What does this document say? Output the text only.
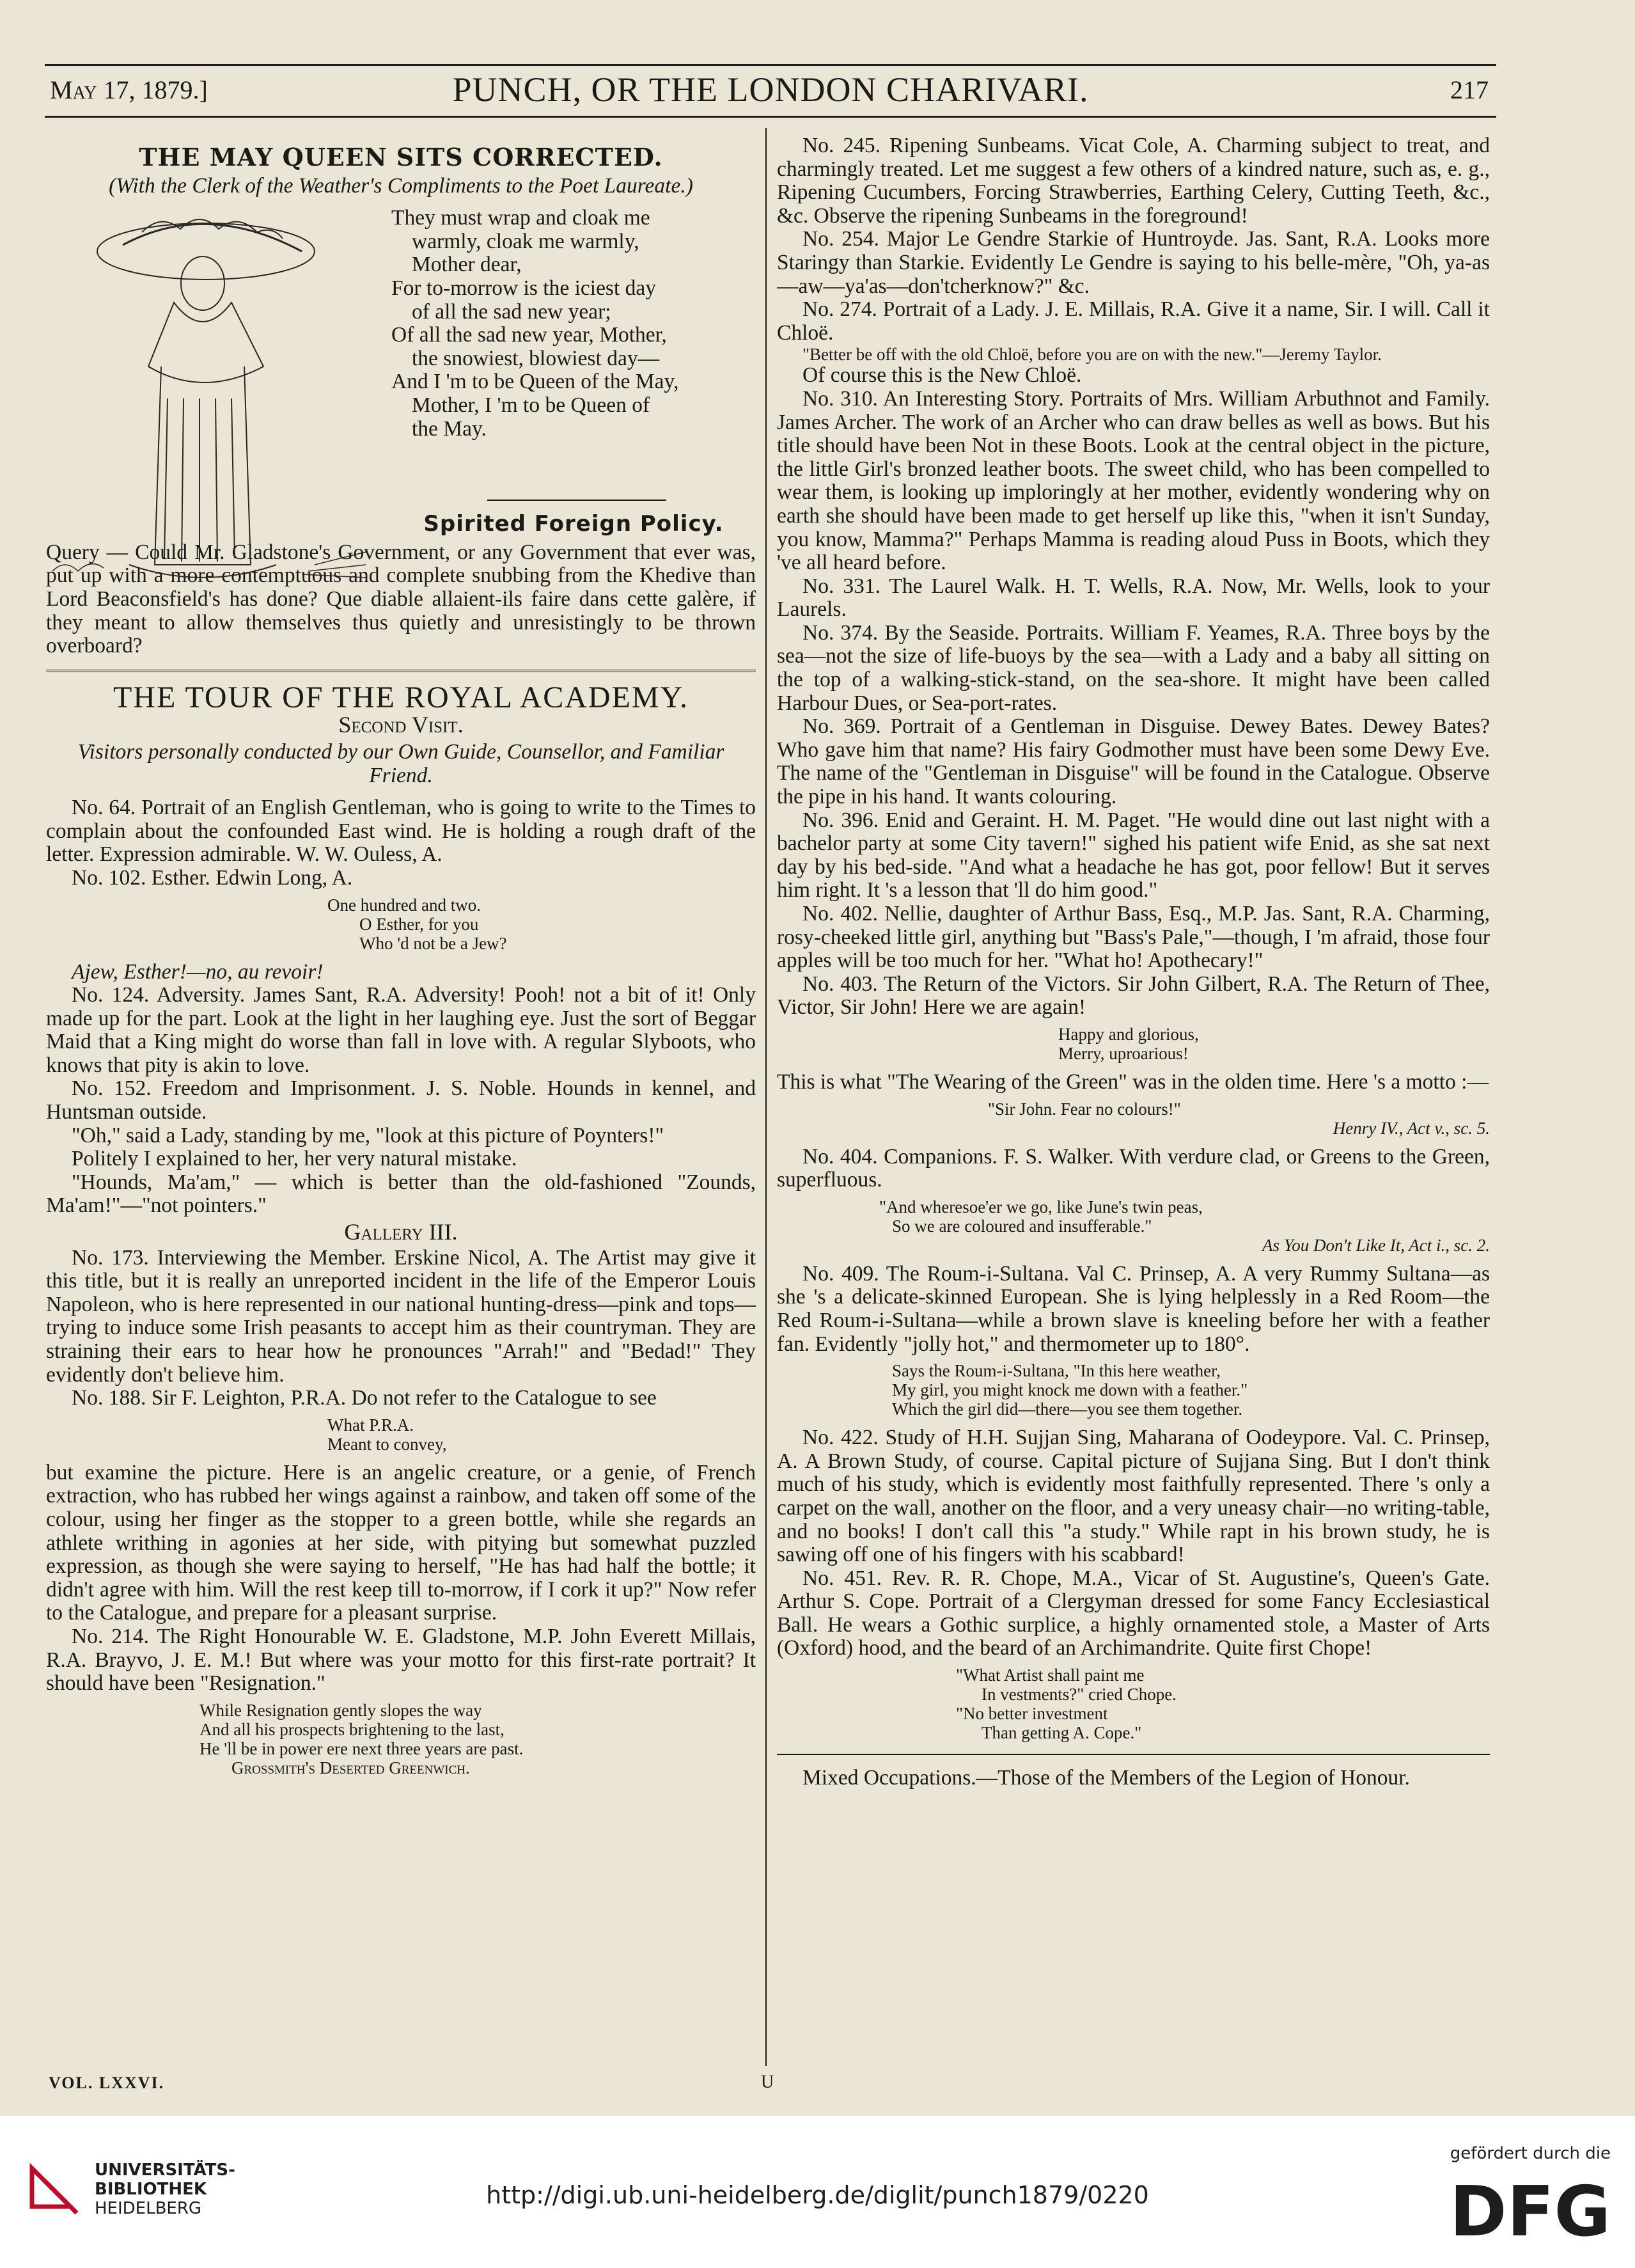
May 17, 1879.]	PUNCH, OR THE LONDON CHARIVARI.	217
THE MAY QUEEN SITS CORRECTED.
(With the Clerk of the Weather's Compliments to the Poet Laureate.)
They must wrap and cloak me
warmly, cloak me warmly,
Mother dear,
For to-morrow is the iciest day
of all the sad new year;
Of all the sad new year, Mother,
the snowiest, blowiest day—
And I 'm to be Queen of the May,
Mother, I 'm to be Queen of
the May.
Spirited Foreign Policy.

Query — Could Mr. Gladstone's Government, or any Government that ever was, put up with a more contemptuous and complete snubbing from the Khedive than Lord Beaconsfield's has done? Que diable allaient-ils faire dans cette galère, if they meant to allow themselves thus quietly and unresistingly to be thrown overboard?

THE TOUR OF THE ROYAL ACADEMY.
Second Visit.
Visitors personally conducted by our Own Guide, Counsellor, and Familiar Friend.

No. 64. Portrait of an English Gentleman, who is going to write to the Times to complain about the confounded East wind. He is holding a rough draft of the letter. Expression admirable. W. W. Ouless, A.

No. 102. Esther. Edwin Long, A.

One hundred and two.
O Esther, for you
Who 'd not be a Jew?

Ajew, Esther!—no, au revoir!

No. 124. Adversity. James Sant, R.A. Adversity! Pooh! not a bit of it! Only made up for the part. Look at the light in her laughing eye. Just the sort of Beggar Maid that a King might do worse than fall in love with. A regular Slyboots, who knows that pity is akin to love.

No. 152. Freedom and Imprisonment. J. S. Noble. Hounds in kennel, and Huntsman outside.

"Oh," said a Lady, standing by me, "look at this picture of Poynters!"

Politely I explained to her, her very natural mistake.

"Hounds, Ma'am," — which is better than the old-fashioned "Zounds, Ma'am!"—"not pointers."

Gallery III.

No. 173. Interviewing the Member. Erskine Nicol, A. The Artist may give it this title, but it is really an unreported incident in the life of the Emperor Louis Napoleon, who is here represented in our national hunting-dress—pink and tops—trying to induce some Irish peasants to accept him as their countryman. They are straining their ears to hear how he pronounces "Arrah!" and "Bedad!" They evidently don't believe him.

No. 188. Sir F. Leighton, P.R.A. Do not refer to the Catalogue to see

What P.R.A.
Meant to convey,

but examine the picture. Here is an angelic creature, or a genie, of French extraction, who has rubbed her wings against a rainbow, and taken off some of the colour, using her finger as the stopper to a green bottle, while she regards an athlete writhing in agonies at her side, with pitying but somewhat puzzled expression, as though she were saying to herself, "He has had half the bottle; it didn't agree with him. Will the rest keep till to-morrow, if I cork it up?" Now refer to the Catalogue, and prepare for a pleasant surprise.

No. 214. The Right Honourable W. E. Gladstone, M.P. John Everett Millais, R.A. Brayvo, J. E. M.! But where was your motto for this first-rate portrait? It should have been "Resignation."

While Resignation gently slopes the way
And all his prospects brightening to the last,
He 'll be in power ere next three years are past.
Grossmith's Deserted Greenwich.

No. 245. Ripening Sunbeams. Vicat Cole, A. Charming subject to treat, and charmingly treated. Let me suggest a few others of a kindred nature, such as, e. g., Ripening Cucumbers, Forcing Strawberries, Earthing Celery, Cutting Teeth, &c., &c. Observe the ripening Sunbeams in the foreground!

No. 254. Major Le Gendre Starkie of Huntroyde. Jas. Sant, R.A. Looks more Staringy than Starkie. Evidently Le Gendre is saying to his belle-mère, "Oh, ya-as—aw—ya'as—don'tcherknow?" &c.

No. 274. Portrait of a Lady. J. E. Millais, R.A. Give it a name, Sir. I will. Call it Chloë.

"Better be off with the old Chloë, before you are on with the new."—Jeremy Taylor.

Of course this is the New Chloë.

No. 310. An Interesting Story. Portraits of Mrs. William Arbuthnot and Family. James Archer. The work of an Archer who can draw belles as well as bows. But his title should have been Not in these Boots. Look at the central object in the picture, the little Girl's bronzed leather boots. The sweet child, who has been compelled to wear them, is looking up imploringly at her mother, evidently wondering why on earth she should have been made to get herself up like this, "when it isn't Sunday, you know, Mamma?" Perhaps Mamma is reading aloud Puss in Boots, which they 've all heard before.

No. 331. The Laurel Walk. H. T. Wells, R.A. Now, Mr. Wells, look to your Laurels.

No. 374. By the Seaside. Portraits. William F. Yeames, R.A. Three boys by the sea—not the size of life-buoys by the sea—with a Lady and a baby all sitting on the top of a walking-stick-stand, on the sea-shore. It might have been called Harbour Dues, or Sea-port-rates.

No. 369. Portrait of a Gentleman in Disguise. Dewey Bates. Dewey Bates? Who gave him that name? His fairy Godmother must have been some Dewy Eve. The name of the "Gentleman in Disguise" will be found in the Catalogue. Observe the pipe in his hand. It wants colouring.

No. 396. Enid and Geraint. H. M. Paget. "He would dine out last night with a bachelor party at some City tavern!" sighed his patient wife Enid, as she sat next day by his bed-side. "And what a headache he has got, poor fellow! But it serves him right. It 's a lesson that 'll do him good."

No. 402. Nellie, daughter of Arthur Bass, Esq., M.P. Jas. Sant, R.A. Charming, rosy-cheeked little girl, anything but "Bass's Pale,"—though, I 'm afraid, those four apples will be too much for her. "What ho! Apothecary!"

No. 403. The Return of the Victors. Sir John Gilbert, R.A. The Return of Thee, Victor, Sir John! Here we are again!

Happy and glorious,
Merry, uproarious!

This is what "The Wearing of the Green" was in the olden time. Here 's a motto :—

"Sir John. Fear no colours!"
Henry IV., Act v., sc. 5.

No. 404. Companions. F. S. Walker. With verdure clad, or Greens to the Green, superfluous.

"And wheresoe'er we go, like June's twin peas,
So we are coloured and insufferable."
As You Don't Like It, Act i., sc. 2.

No. 409. The Roum-i-Sultana. Val C. Prinsep, A. A very Rummy Sultana—as she 's a delicate-skinned European. She is lying helplessly in a Red Room—the Red Roum-i-Sultana—while a brown slave is kneeling before her with a feather fan. Evidently "jolly hot," and thermometer up to 180°.

Says the Roum-i-Sultana, "In this here weather,
My girl, you might knock me down with a feather."
Which the girl did—there—you see them together.

No. 422. Study of H.H. Sujjan Sing, Maharana of Oodeypore. Val. C. Prinsep, A. A Brown Study, of course. Capital picture of Sujjana Sing. But I don't think much of his study, which is evidently most faithfully represented. There 's only a carpet on the wall, another on the floor, and a very uneasy chair—no writing-table, and no books! I don't call this "a study." While rapt in his brown study, he is sawing off one of his fingers with his scabbard!

No. 451. Rev. R. R. Chope, M.A., Vicar of St. Augustine's, Queen's Gate. Arthur S. Cope. Portrait of a Clergyman dressed for some Fancy Ecclesiastical Ball. He wears a Gothic surplice, a highly ornamented stole, a Master of Arts (Oxford) hood, and the beard of an Archimandrite. Quite first Chope!

"What Artist shall paint me
In vestments?" cried Chope.
"No better investment
Than getting A. Cope."

Mixed Occupations.—Those of the Members of the Legion of Honour.

VOL. LXXVI.	U
UNIVERSITÄTS-
BIBLIOTHEK
HEIDELBERG	http://digi.ub.uni-heidelberg.de/diglit/punch1879/0220
gefördert durch die
DFG
